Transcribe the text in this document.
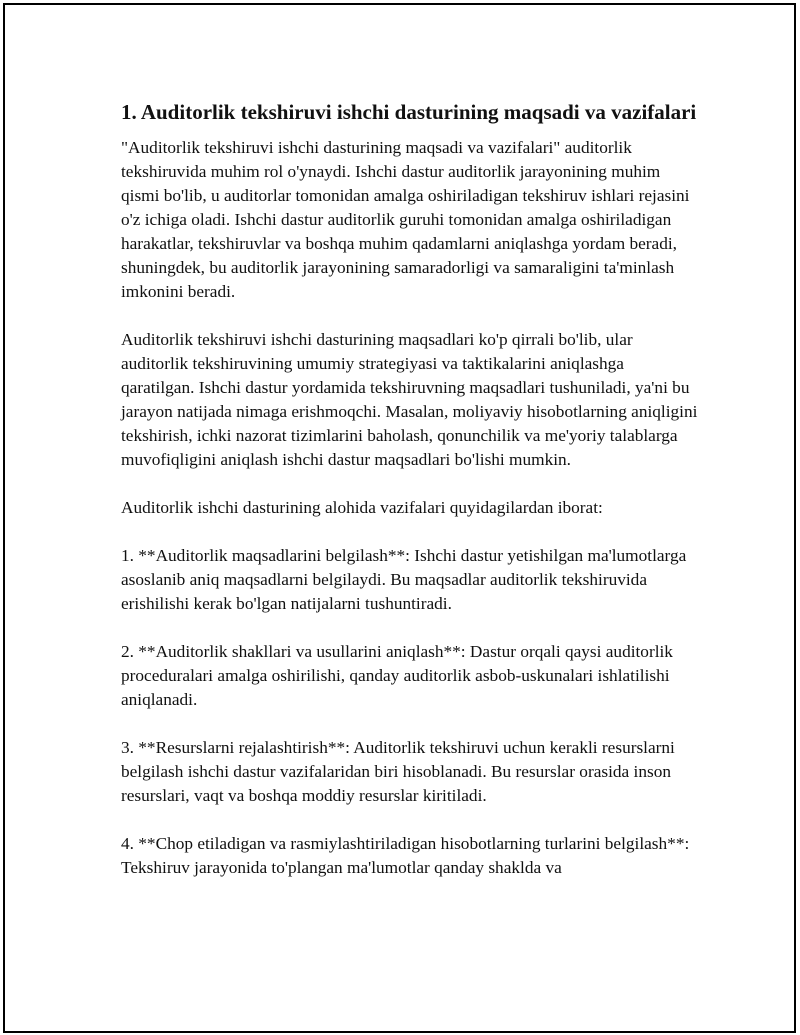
1. Auditorlik tekshiruvi ishchi dasturining maqsadi va vazifalari

"Auditorlik tekshiruvi ishchi dasturining maqsadi va vazifalari" auditorlik tekshiruvida muhim rol o'ynaydi. Ishchi dastur auditorlik jarayonining muhim qismi bo'lib, u auditorlar tomonidan amalga oshiriladigan tekshiruv ishlari rejasini o'z ichiga oladi. Ishchi dastur auditorlik guruhi tomonidan amalga oshiriladigan harakatlar, tekshiruvlar va boshqa muhim qadamlarni aniqlashga yordam beradi, shuningdek, bu auditorlik jarayonining samaradorligi va samaraligini ta'minlash imkonini beradi.

Auditorlik tekshiruvi ishchi dasturining maqsadlari ko'p qirrali bo'lib, ular auditorlik tekshiruvining umumiy strategiyasi va taktikalarini aniqlashga qaratilgan. Ishchi dastur yordamida tekshiruvning maqsadlari tushuniladi, ya'ni bu jarayon natijada nimaga erishmoqchi. Masalan, moliyaviy hisobotlarning aniqligini tekshirish, ichki nazorat tizimlarini baholash, qonunchilik va me'yoriy talablarga muvofiqligini aniqlash ishchi dastur maqsadlari bo'lishi mumkin.

Auditorlik ishchi dasturining alohida vazifalari quyidagilardan iborat:

1. **Auditorlik maqsadlarini belgilash**: Ishchi dastur yetishilgan ma'lumotlarga asoslanib aniq maqsadlarni belgilaydi. Bu maqsadlar auditorlik tekshiruvida erishilishi kerak bo'lgan natijalarni tushuntiradi.

2. **Auditorlik shakllari va usullarini aniqlash**: Dastur orqali qaysi auditorlik proceduralari amalga oshirilishi, qanday auditorlik asbob-uskunalari ishlatilishi aniqlanadi.

3. **Resurslarni rejalashtirish**: Auditorlik tekshiruvi uchun kerakli resurslarni belgilash ishchi dastur vazifalaridan biri hisoblanadi. Bu resurslar orasida inson resurslari, vaqt va boshqa moddiy resurslar kiritiladi.

4. **Chop etiladigan va rasmiylashtiriladigan hisobotlarning turlarini belgilash**: Tekshiruv jarayonida to'plangan ma'lumotlar qanday shaklda va
